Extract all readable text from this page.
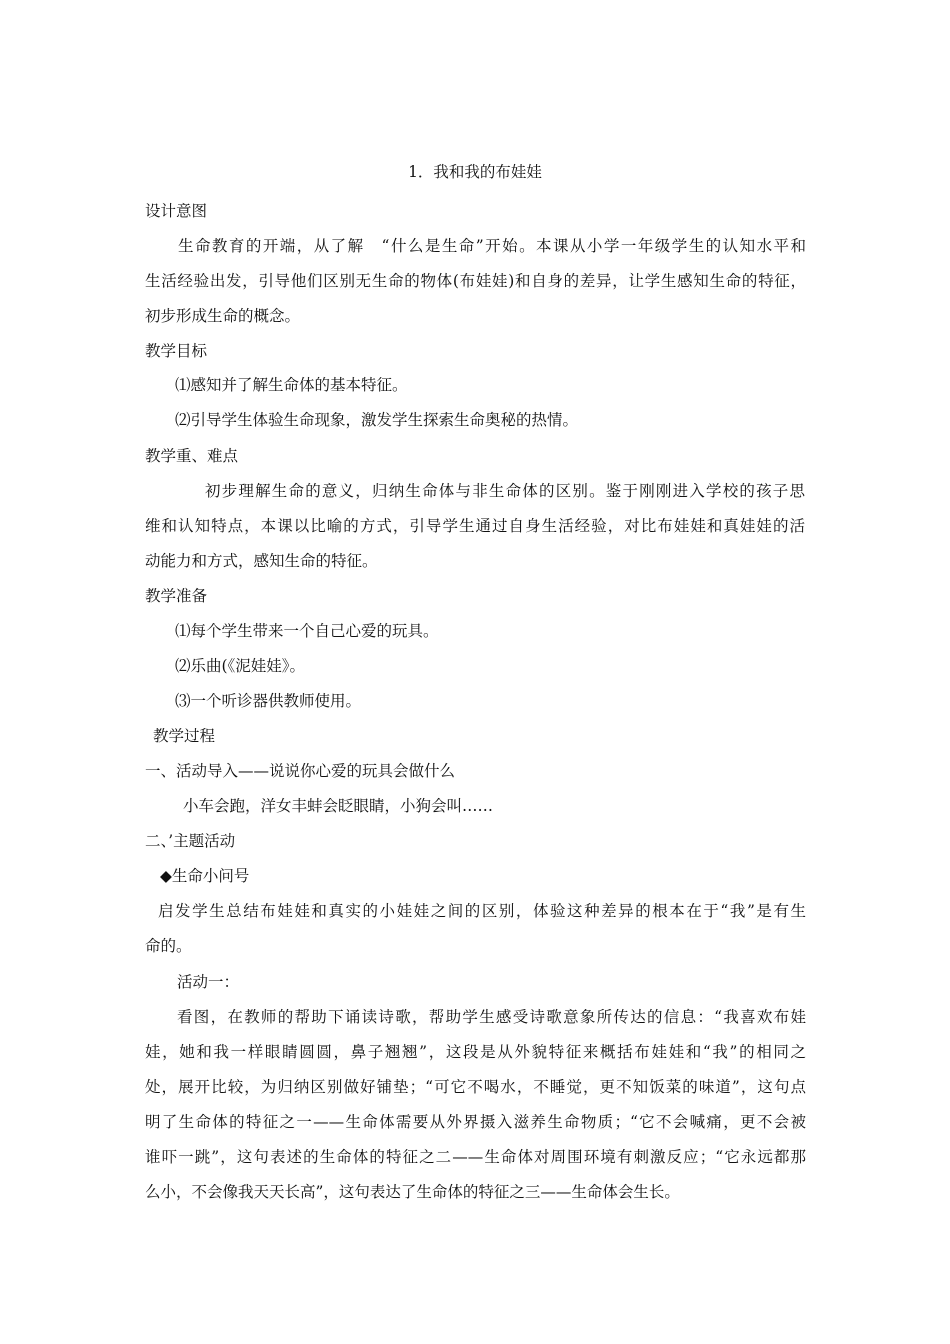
1．我和我的布娃娃
设计意图
生命教育的开端，从了解　“什么是生命”开始。本课从小学一年级学生的认知水平和
生活经验出发，引导他们区别无生命的物体(布娃娃)和自身的差异，让学生感知生命的特征，
初步形成生命的概念。
教学目标
⑴感知并了解生命体的基本特征。
⑵引导学生体验生命现象，激发学生探索生命奥秘的热情。
教学重、难点
初步理解生命的意义，归纳生命体与非生命体的区别。鉴于刚刚进入学校的孩子思
维和认知特点，本课以比喻的方式，引导学生通过自身生活经验，对比布娃娃和真娃娃的活
动能力和方式，感知生命的特征。
教学准备
⑴每个学生带来一个自己心爱的玩具。
⑵乐曲(《泥娃娃》。
⑶一个听诊器供教师使用。
教学过程
一、活动导入——说说你心爱的玩具会做什么
小车会跑，洋女丰蚌会眨眼睛，小狗会叫……
二、’主题活动
◆生命小问号
启发学生总结布娃娃和真实的小娃娃之间的区别，体验这种差异的根本在于“我”是有生
命的。
活动一：
看图，在教师的帮助下诵读诗歌，帮助学生感受诗歌意象所传达的信息：“我喜欢布娃
娃，她和我一样眼睛圆圆，鼻子翘翘”，这段是从外貌特征来概括布娃娃和“我”的相同之
处，展开比较，为归纳区别做好铺垫；“可它不喝水，不睡觉，更不知饭菜的味道”，这句点
明了生命体的特征之一——生命体需要从外界摄入滋养生命物质；“它不会喊痛，更不会被
谁吓一跳”，这句表述的生命体的特征之二——生命体对周围环境有刺激反应；“它永远都那
么小，不会像我天天长高”，这句表达了生命体的特征之三——生命体会生长。
